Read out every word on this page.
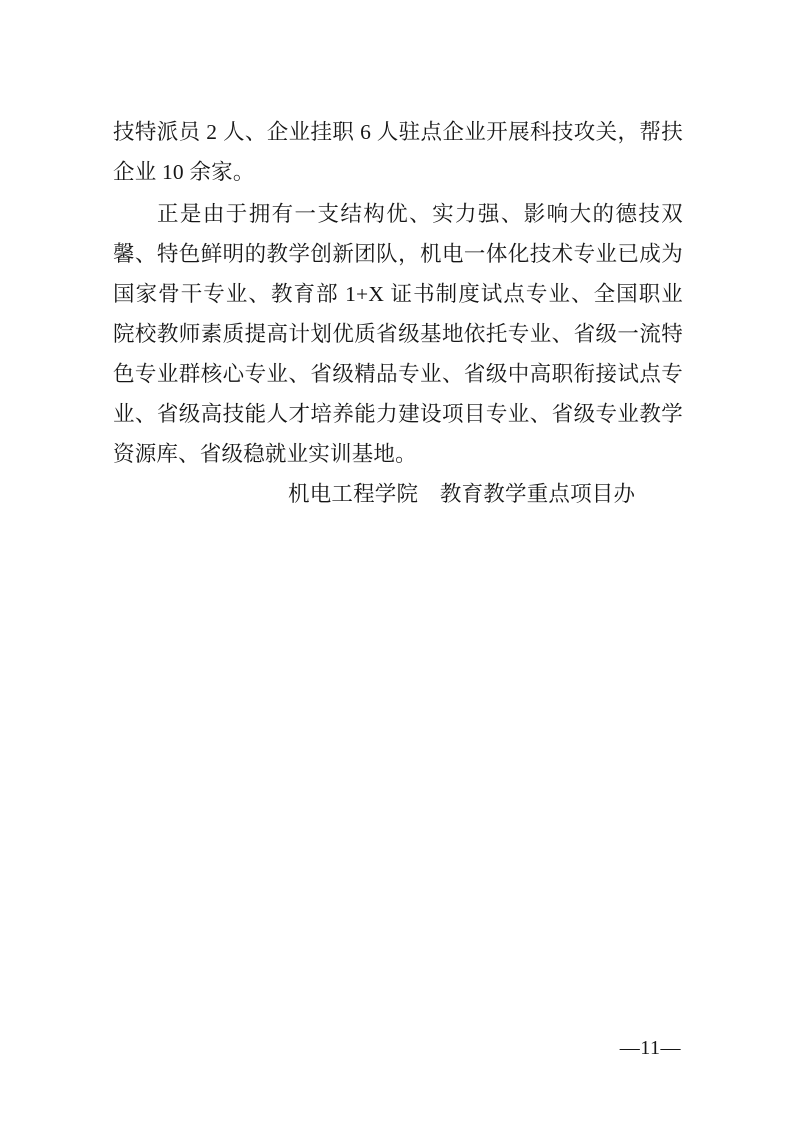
技特派员 2 人、企业挂职 6 人驻点企业开展科技攻关，帮扶企业 10 余家。

正是由于拥有一支结构优、实力强、影响大的德技双馨、特色鲜明的教学创新团队，机电一体化技术专业已成为国家骨干专业、教育部 1+X 证书制度试点专业、全国职业院校教师素质提高计划优质省级基地依托专业、省级一流特色专业群核心专业、省级精品专业、省级中高职衔接试点专业、省级高技能人才培养能力建设项目专业、省级专业教学资源库、省级稳就业实训基地。

机电工程学院　教育教学重点项目办

—11—
